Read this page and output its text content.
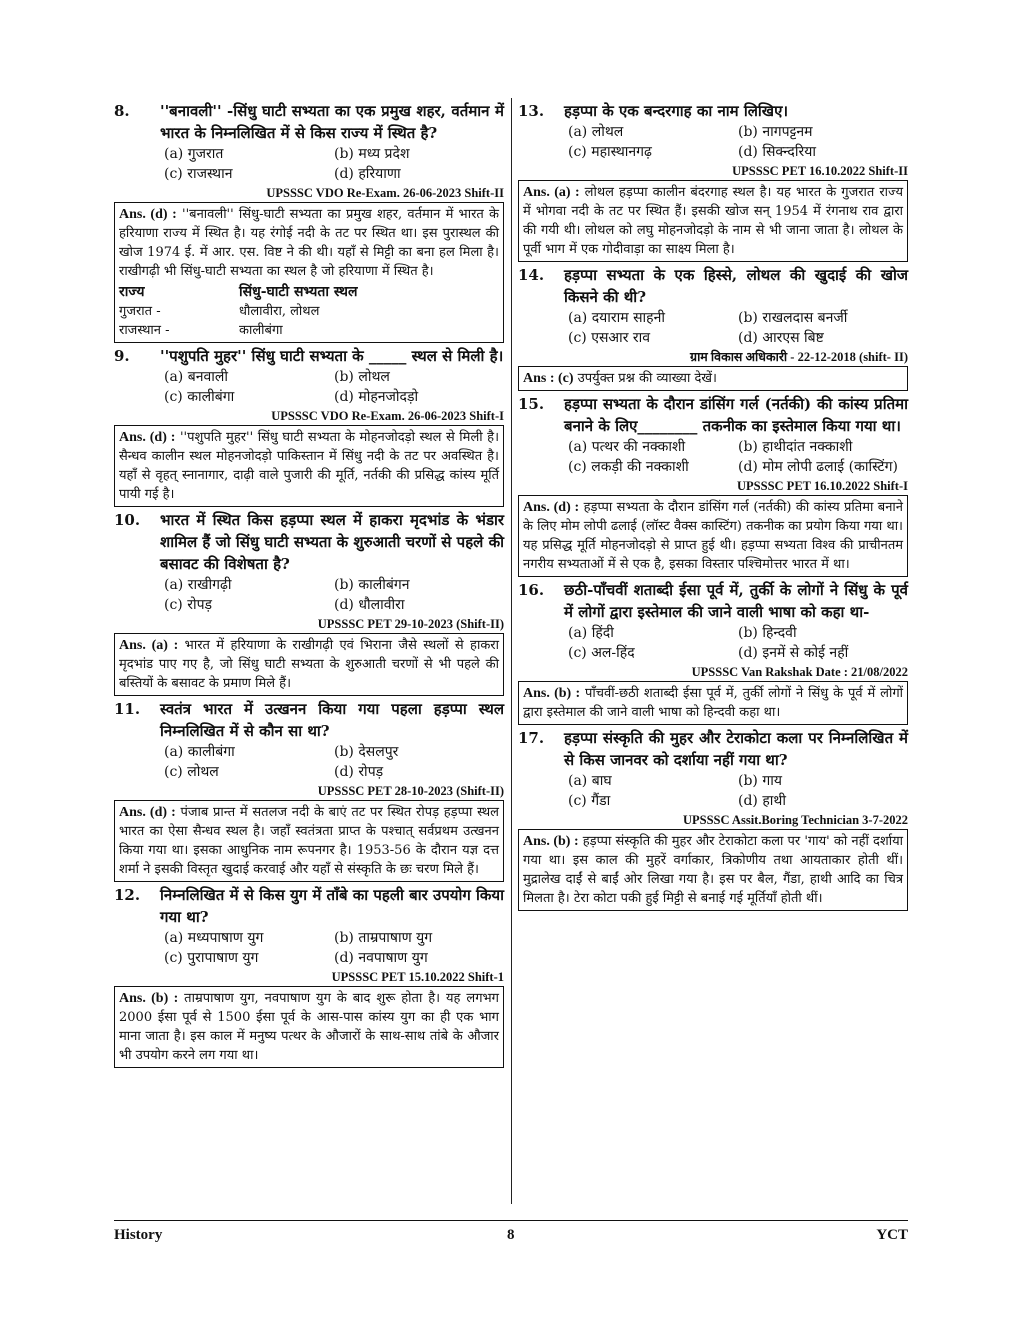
8.	''बनावली'' -सिंधु घाटी सभ्यता का एक प्रमुख शहर, वर्तमान में भारत के निम्नलिखित में से किस राज्य में स्थित है?
(a) गुजरात	(b) मध्य प्रदेश
(c) राजस्थान	(d) हरियाणा
UPSSSC VDO Re-Exam. 26-06-2023 Shift-II
Ans. (d) : ''बनावली'' सिंधु-घाटी सभ्यता का प्रमुख शहर, वर्तमान में भारत के हरियाणा राज्य में स्थित है। यह रंगोई नदी के तट पर स्थित था। इस पुरास्थल की खोज 1974 ई. में आर. एस. विष्ट ने की थी। यहाँ से मिट्टी का बना हल मिला है। राखीगढ़ी भी सिंधु-घाटी सभ्यता का स्थल है जो हरियाणा में स्थित है।
राज्य	सिंधु-घाटी सभ्यता स्थल
गुजरात -	धौलावीरा, लोथल
राजस्थान -	कालीबंगा
9.	''पशुपति मुहर'' सिंधु घाटी सभ्यता के _____ स्थल से मिली है।
(a) बनवाली	(b) लोथल
(c) कालीबंगा	(d) मोहनजोदड़ो
UPSSSC VDO Re-Exam. 26-06-2023 Shift-I
Ans. (d) : ''पशुपति मुहर'' सिंधु घाटी सभ्यता के मोहनजोदड़ो स्थल से मिली है। सैन्धव कालीन स्थल मोहनजोदड़ो पाकिस्तान में सिंधु नदी के तट पर अवस्थित है। यहाँ से वृहत् स्नानागार, दाढ़ी वाले पुजारी की मूर्ति, नर्तकी की प्रसिद्ध कांस्य मूर्ति पायी गई है।
10.	भारत में स्थित किस हड़प्पा स्थल में हाकरा मृदभांड के भंडार शामिल हैं जो सिंधु घाटी सभ्यता के शुरुआती चरणों से पहले की बसावट की विशेषता है?
(a) राखीगढ़ी	(b) कालीबंगन
(c) रोपड़	(d) धौलावीरा
UPSSSC PET 29-10-2023 (Shift-II)
Ans. (a) : भारत में हरियाणा के राखीगढ़ी एवं भिराना जैसे स्थलों से हाकरा मृदभांड पाए गए है, जो सिंधु घाटी सभ्यता के शुरुआती चरणों से भी पहले की बस्तियों के बसावट के प्रमाण मिले हैं।
11.	स्वतंत्र भारत में उत्खनन किया गया पहला हड़प्पा स्थल निम्नलिखित में से कौन सा था?
(a) कालीबंगा	(b) देसलपुर
(c) लोथल	(d) रोपड़
UPSSSC PET 28-10-2023 (Shift-II)
Ans. (d) : पंजाब प्रान्त में सतलज नदी के बाएं तट पर स्थित रोपड़ हड़प्पा स्थल भारत का ऐसा सैन्धव स्थल है। जहाँ स्वतंत्रता प्राप्त के पश्चात् सर्वप्रथम उत्खनन किया गया था। इसका आधुनिक नाम रूपनगर है। 1953-56 के दौरान यज्ञ दत्त शर्मा ने इसकी विस्तृत खुदाई करवाई और यहाँ से संस्कृति के छः चरण मिले हैं।
12.	निम्नलिखित में से किस युग में ताँबे का पहली बार उपयोग किया गया था?
(a) मध्यपाषाण युग	(b) ताम्रपाषाण युग
(c) पुरापाषाण युग	(d) नवपाषाण युग
UPSSSC PET 15.10.2022 Shift-1
Ans. (b) : ताम्रपाषाण युग, नवपाषाण युग के बाद शुरू होता है। यह लगभग 2000 ईसा पूर्व से 1500 ईसा पूर्व के आस-पास कांस्य युग का ही एक भाग माना जाता है। इस काल में मनुष्य पत्थर के औजारों के साथ-साथ तांबे के औजार भी उपयोग करने लग गया था।
13.	हड़प्पा के एक बन्दरगाह का नाम लिखिए।
(a) लोथल	(b) नागपट्टनम
(c) महास्थानगढ़	(d) सिक्न्दरिया
UPSSSC PET 16.10.2022 Shift-II
Ans. (a) : लोथल हड़प्पा कालीन बंदरगाह स्थल है। यह भारत के गुजरात राज्य में भोगवा नदी के तट पर स्थित हैं। इसकी खोज सन् 1954 में रंगनाथ राव द्वारा की गयी थी। लोथल को लघु मोहनजोदड़ो के नाम से भी जाना जाता है। लोथल के पूर्वी भाग में एक गोदीवाड़ा का साक्ष्य मिला है।
14.	हड़प्पा सभ्यता के एक हिस्से, लोथल की खुदाई की खोज किसने की थी?
(a) दयाराम साहनी	(b) राखलदास बनर्जी
(c) एसआर राव	(d) आरएस बिष्ट
ग्राम विकास अधिकारी - 22-12-2018 (shift- II)
Ans : (c) उपर्युक्त प्रश्न की व्याख्या देखें।
15.	हड़प्पा सभ्यता के दौरान डांसिंग गर्ल (नर्तकी) की कांस्य प्रतिमा बनाने के लिए________ तकनीक का इस्तेमाल किया गया था।
(a) पत्थर की नक्काशी	(b) हाथीदांत नक्काशी
(c) लकड़ी की नक्काशी	(d) मोम लोपी ढलाई (कास्टिंग)
UPSSSC PET 16.10.2022 Shift-I
Ans. (d) : हड़प्पा सभ्यता के दौरान डांसिंग गर्ल (नर्तकी) की कांस्य प्रतिमा बनाने के लिए मोम लोपी ढलाई (लॉस्ट वैक्स कास्टिंग) तकनीक का प्रयोग किया गया था। यह प्रसिद्ध मूर्ति मोहनजोदड़ो से प्राप्त हुई थी। हड़प्पा सभ्यता विश्व की प्राचीनतम नगरीय सभ्यताओं में से एक है, इसका विस्तार पश्चिमोत्तर भारत में था।
16.	छठी-पाँचवीं शताब्दी ईसा पूर्व में, तुर्की के लोगों ने सिंधु के पूर्व में लोगों द्वारा इस्तेमाल की जाने वाली भाषा को कहा था-
(a) हिंदी	(b) हिन्दवी
(c) अल-हिंद	(d) इनमें से कोई नहीं
UPSSSC Van Rakshak Date : 21/08/2022
Ans. (b) : पाँचवीं-छठी शताब्दी ईसा पूर्व में, तुर्की लोगों ने सिंधु के पूर्व में लोगों द्वारा इस्तेमाल की जाने वाली भाषा को हिन्दवी कहा था।
17.	हड़प्पा संस्कृति की मुहर और टेराकोटा कला पर निम्नलिखित में से किस जानवर को दर्शाया नहीं गया था?
(a) बाघ	(b) गाय
(c) गैंडा	(d) हाथी
UPSSSC Assit.Boring Technician 3-7-2022
Ans. (b) : हड़प्पा संस्कृति की मुहर और टेराकोटा कला पर 'गाय' को नहीं दर्शाया गया था। इस काल की मुहरें वर्गाकार, त्रिकोणीय तथा आयताकार होती थीं। मुद्रालेख दाईं से बाईं ओर लिखा गया है। इस पर बैल, गैंडा, हाथी आदि का चित्र मिलता है। टेरा कोटा पकी हुई मिट्टी से बनाई गई मूर्तियाँ होती थीं।
History	8	YCT
